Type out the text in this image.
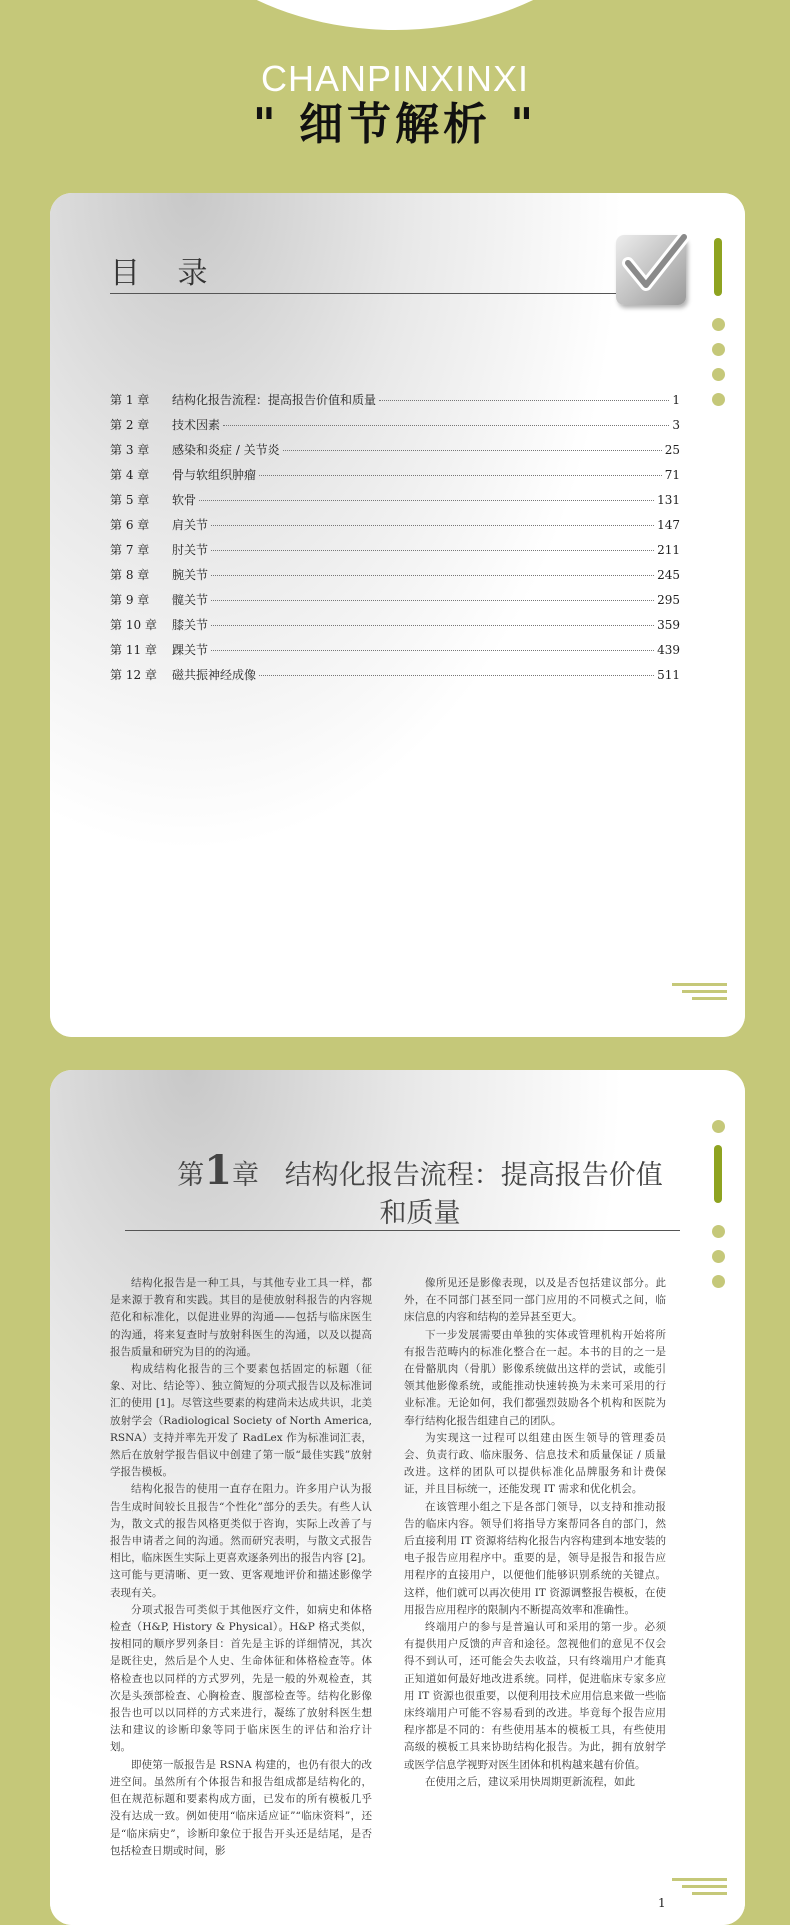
CHANPINXINXI
" 细节解析 "
目 录
第 1 章	结构化报告流程：提高报告价值和质量	1
第 2 章	技术因素	3
第 3 章	感染和炎症 / 关节炎	25
第 4 章	骨与软组织肿瘤	71
第 5 章	软骨	131
第 6 章	肩关节	147
第 7 章	肘关节	211
第 8 章	腕关节	245
第 9 章	髋关节	295
第 10 章	膝关节	359
第 11 章	踝关节	439
第 12 章	磁共振神经成像	511
第1章 结构化报告流程：提高报告价值
和质量

结构化报告是一种工具，与其他专业工具一样，都是来源于教育和实践。其目的是使放射科报告的内容规范化和标准化，以促进业界的沟通——包括与临床医生的沟通，将来复查时与放射科医生的沟通，以及以提高报告质量和研究为目的的沟通。

构成结构化报告的三个要素包括固定的标题（征象、对比、结论等）、独立简短的分项式报告以及标准词汇的使用 [1]。尽管这些要素的构建尚未达成共识，北美放射学会（Radiological Society of North America, RSNA）支持并率先开发了 RadLex 作为标准词汇表，然后在放射学报告倡议中创建了第一版“最佳实践”放射学报告模板。

结构化报告的使用一直存在阻力。许多用户认为报告生成时间较长且报告“个性化”部分的丢失。有些人认为，散文式的报告风格更类似于咨询，实际上改善了与报告申请者之间的沟通。然而研究表明，与散文式报告相比，临床医生实际上更喜欢逐条列出的报告内容 [2]。这可能与更清晰、更一致、更客观地评价和描述影像学表现有关。

分项式报告可类似于其他医疗文件，如病史和体格检查（H&P, History & Physical）。H&P 格式类似，按相同的顺序罗列条目：首先是主诉的详细情况，其次是既往史，然后是个人史、生命体征和体格检查等。体格检查也以同样的方式罗列，先是一般的外观检查，其次是头颈部检查、心胸检查、腹部检查等。结构化影像报告也可以以同样的方式来进行，凝练了放射科医生想法和建议的诊断印象等同于临床医生的评估和治疗计划。

即使第一版报告是 RSNA 构建的，也仍有很大的改进空间。虽然所有个体报告和报告组成都是结构化的，但在规范标题和要素构成方面，已发布的所有模板几乎没有达成一致。例如使用“临床适应证”“临床资料”，还是“临床病史”，诊断印象位于报告开头还是结尾，是否包括检查日期或时间，影

像所见还是影像表现，以及是否包括建议部分。此外，在不同部门甚至同一部门应用的不同模式之间，临床信息的内容和结构的差异甚至更大。

下一步发展需要由单独的实体或管理机构开始将所有报告范畴内的标准化整合在一起。本书的目的之一是在骨骼肌肉（骨肌）影像系统做出这样的尝试，或能引领其他影像系统，或能推动快速转换为未来可采用的行业标准。无论如何，我们都强烈鼓励各个机构和医院为奉行结构化报告组建自己的团队。

为实现这一过程可以组建由医生领导的管理委员会、负责行政、临床服务、信息技术和质量保证 / 质量改进。这样的团队可以提供标准化品牌服务和计费保证，并且目标统一，还能发现 IT 需求和优化机会。

在该管理小组之下是各部门领导，以支持和推动报告的临床内容。领导们将指导方案帮同各自的部门，然后直接利用 IT 资源将结构化报告内容构建到本地安装的电子报告应用程序中。重要的是，领导是报告和报告应用程序的直接用户，以便他们能够识别系统的关键点。这样，他们就可以再次使用 IT 资源调整报告模板，在使用报告应用程序的限制内不断提高效率和准确性。

终端用户的参与是普遍认可和采用的第一步。必须有提供用户反馈的声音和途径。忽视他们的意见不仅会得不到认可，还可能会失去收益，只有终端用户才能真正知道如何最好地改进系统。同样，促进临床专家多应用 IT 资源也很重要，以便利用技术应用信息来做一些临床终端用户可能不容易看到的改进。毕竟每个报告应用程序都是不同的：有些使用基本的模板工具，有些使用高级的模板工具来协助结构化报告。为此，拥有放射学或医学信息学视野对医生团体和机构越来越有价值。

在使用之后，建议采用快周期更新流程，如此

1
